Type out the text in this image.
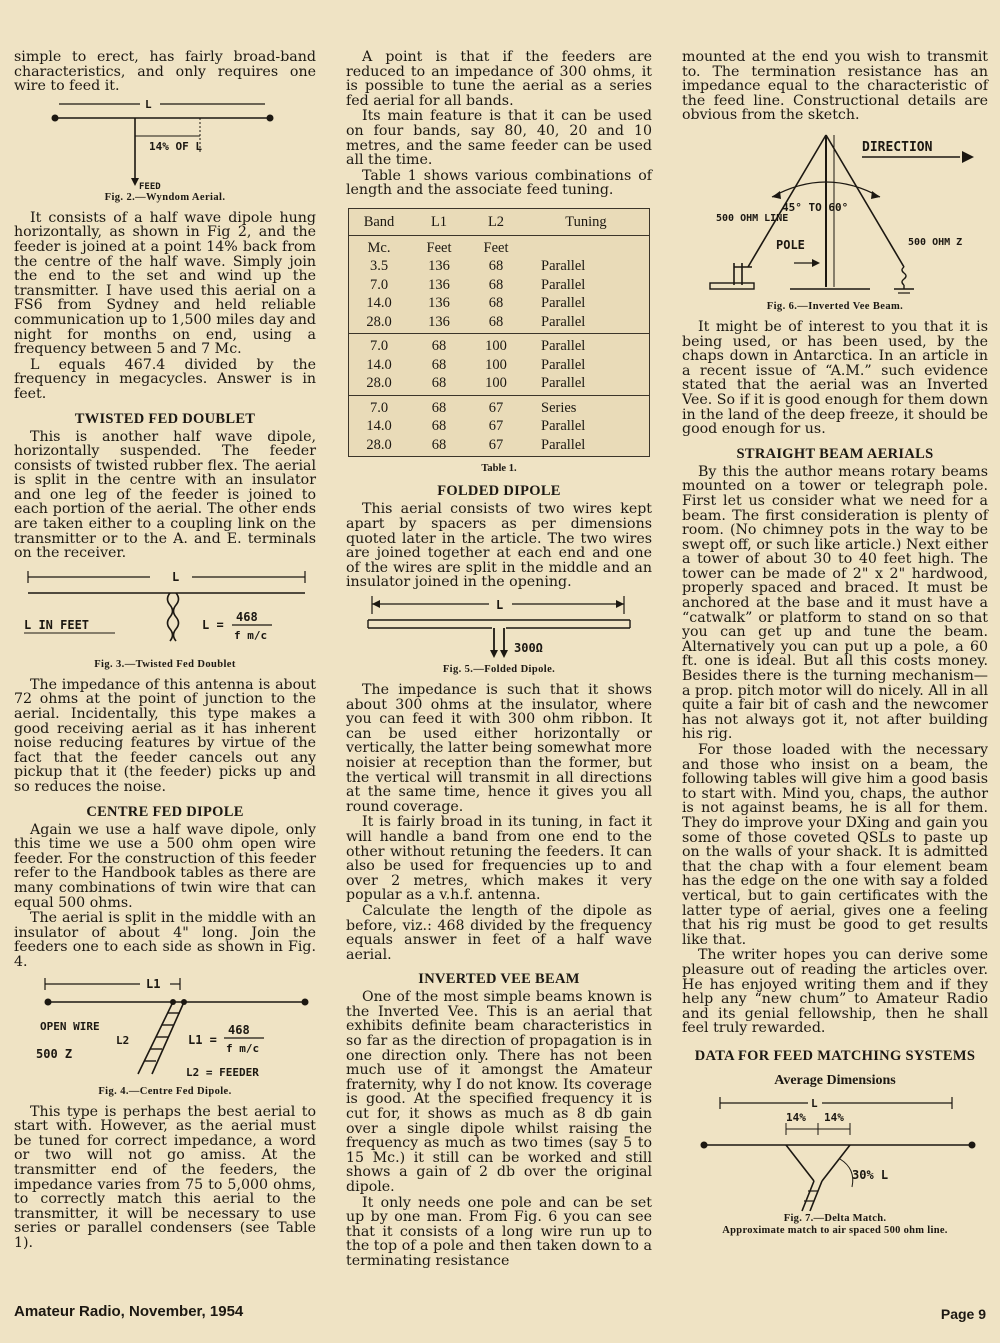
simple to erect, has fairly broad-band characteristics, and only requires one wire to feed it.

L
14% OF L
FEED
Fig. 2.—Wyndom Aerial.

It consists of a half wave dipole hung horizontally, as shown in Fig 2, and the feeder is joined at a point 14% back from the centre of the half wave. Simply join the end to the set and wind up the transmitter. I have used this aerial on a FS6 from Sydney and held reliable communication up to 1,500 miles day and night for months on end, using a frequency between 5 and 7 Mc.

L equals 467.4 divided by the frequency in megacycles. Answer is in feet.

TWISTED FED DOUBLET

This is another half wave dipole, horizontally suspended. The feeder consists of twisted rubber flex. The aerial is split in the centre with an insulator and one leg of the feeder is joined to each portion of the aerial. The other ends are taken either to a coupling link on the transmitter or to the A. and E. terminals on the receiver.

L
L IN FEET	L =
468
f m/c
Fig. 3.—Twisted Fed Doublet

The impedance of this antenna is about 72 ohms at the point of junction to the aerial. Incidentally, this type makes a good receiving aerial as it has inherent noise reducing features by virtue of the fact that the feeder cancels out any pickup that it (the feeder) picks up and so reduces the noise.

CENTRE FED DIPOLE

Again we use a half wave dipole, only this time we use a 500 ohm open wire feeder. For the construction of this feeder refer to the Handbook tables as there are many combinations of twin wire that can equal 500 ohms.

The aerial is split in the middle with an insulator of about 4" long. Join the feeders one to each side as shown in Fig. 4.

L1
OPEN WIRE
L2
500 Z
L1 =
468
f m/c
L2 = FEEDER
Fig. 4.—Centre Fed Dipole.

This type is perhaps the best aerial to start with. However, as the aerial must be tuned for correct impedance, a word or two will not go amiss. At the transmitter end of the feeders, the impedance varies from 75 to 5,000 ohms, to correctly match this aerial to the transmitter, it will be necessary to use series or parallel condensers (see Table 1).

A point is that if the feeders are reduced to an impedance of 300 ohms, it is possible to tune the aerial as a series fed aerial for all bands.

Its main feature is that it can be used on four bands, say 80, 40, 20 and 10 metres, and the same feeder can be used all the time.

Table 1 shows various combinations of length and the associate feed tuning.

Band	L1	L2	Tuning
Mc.	Feet	Feet
3.5	136	68	Parallel
7.0	136	68	Parallel
14.0	136	68	Parallel
28.0	136	68	Parallel
7.0	68	100	Parallel
14.0	68	100	Parallel
28.0	68	100	Parallel
7.0	68	67	Series
14.0	68	67	Parallel
28.0	68	67	Parallel
Table 1.
FOLDED DIPOLE

This aerial consists of two wires kept apart by spacers as per dimensions quoted later in the article. The two wires are joined together at each end and one of the wires are split in the middle and an insulator joined in the opening.

L
300Ω
Fig. 5.—Folded Dipole.

The impedance is such that it shows about 300 ohms at the insulator, where you can feed it with 300 ohm ribbon. It can be used either horizontally or vertically, the latter being somewhat more noisier at reception than the former, but the vertical will transmit in all directions at the same time, hence it gives you all round coverage.

It is fairly broad in its tuning, in fact it will handle a band from one end to the other without retuning the feeders. It can also be used for frequencies up to and over 2 metres, which makes it very popular as a v.h.f. antenna.

Calculate the length of the dipole as before, viz.: 468 divided by the frequency equals answer in feet of a half wave aerial.

INVERTED VEE BEAM

One of the most simple beams known is the Inverted Vee. This is an aerial that exhibits definite beam characteristics in so far as the direction of propagation is in one direction only. There has not been much use of it amongst the Amateur fraternity, why I do not know. Its coverage is good. At the specified frequency it is cut for, it shows as much as 8 db gain over a single dipole whilst raising the frequency as much as two times (say 5 to 15 Mc.) it still can be worked and still shows a gain of 2 db over the original dipole.

It only needs one pole and can be set up by one man. From Fig. 6 you can see that it consists of a long wire run up to the top of a pole and then taken down to a terminating resistance

mounted at the end you wish to transmit to. The termination resistance has an impedance equal to the characteristic of the feed line. Constructional details are obvious from the sketch.

DIRECTION
45° TO 60°
500 OHM LINE
POLE	500 OHM Z
Fig. 6.—Inverted Vee Beam.

It might be of interest to you that it is being used, or has been used, by the chaps down in Antarctica. In an article in a recent issue of “A.M.” such evidence stated that the aerial was an Inverted Vee. So if it is good enough for them down in the land of the deep freeze, it should be good enough for us.

STRAIGHT BEAM AERIALS

By this the author means rotary beams mounted on a tower or telegraph pole. First let us consider what we need for a beam. The first consideration is plenty of room. (No chimney pots in the way to be swept off, or such like article.) Next either a tower of about 30 to 40 feet high. The tower can be made of 2" x 2" hardwood, properly spaced and braced. It must be anchored at the base and it must have a “catwalk” or platform to stand on so that you can get up and tune the beam. Alternatively you can put up a pole, a 60 ft. one is ideal. But all this costs money. Besides there is the turning mechanism—a prop. pitch motor will do nicely. All in all quite a fair bit of cash and the newcomer has not always got it, not after building his rig.

For those loaded with the necessary and those who insist on a beam, the following tables will give him a good basis to start with. Mind you, chaps, the author is not against beams, he is all for them. They do improve your DXing and gain you some of those coveted QSLs to paste up on the walls of your shack. It is admitted that the chap with a four element beam has the edge on the one with say a folded vertical, but to gain certificates with the latter type of aerial, gives one a feeling that his rig must be good to get results like that.

The writer hopes you can derive some pleasure out of reading the articles over. He has enjoyed writing them and if they help any “new chum” to Amateur Radio and its genial fellowship, then he shall feel truly rewarded.

DATA FOR FEED MATCHING SYSTEMS
Average Dimensions
L
14% 14%
30% L
Fig. 7.—Delta Match.
Approximate match to air spaced 500 ohm line.
Amateur Radio, November, 1954	Page 9
